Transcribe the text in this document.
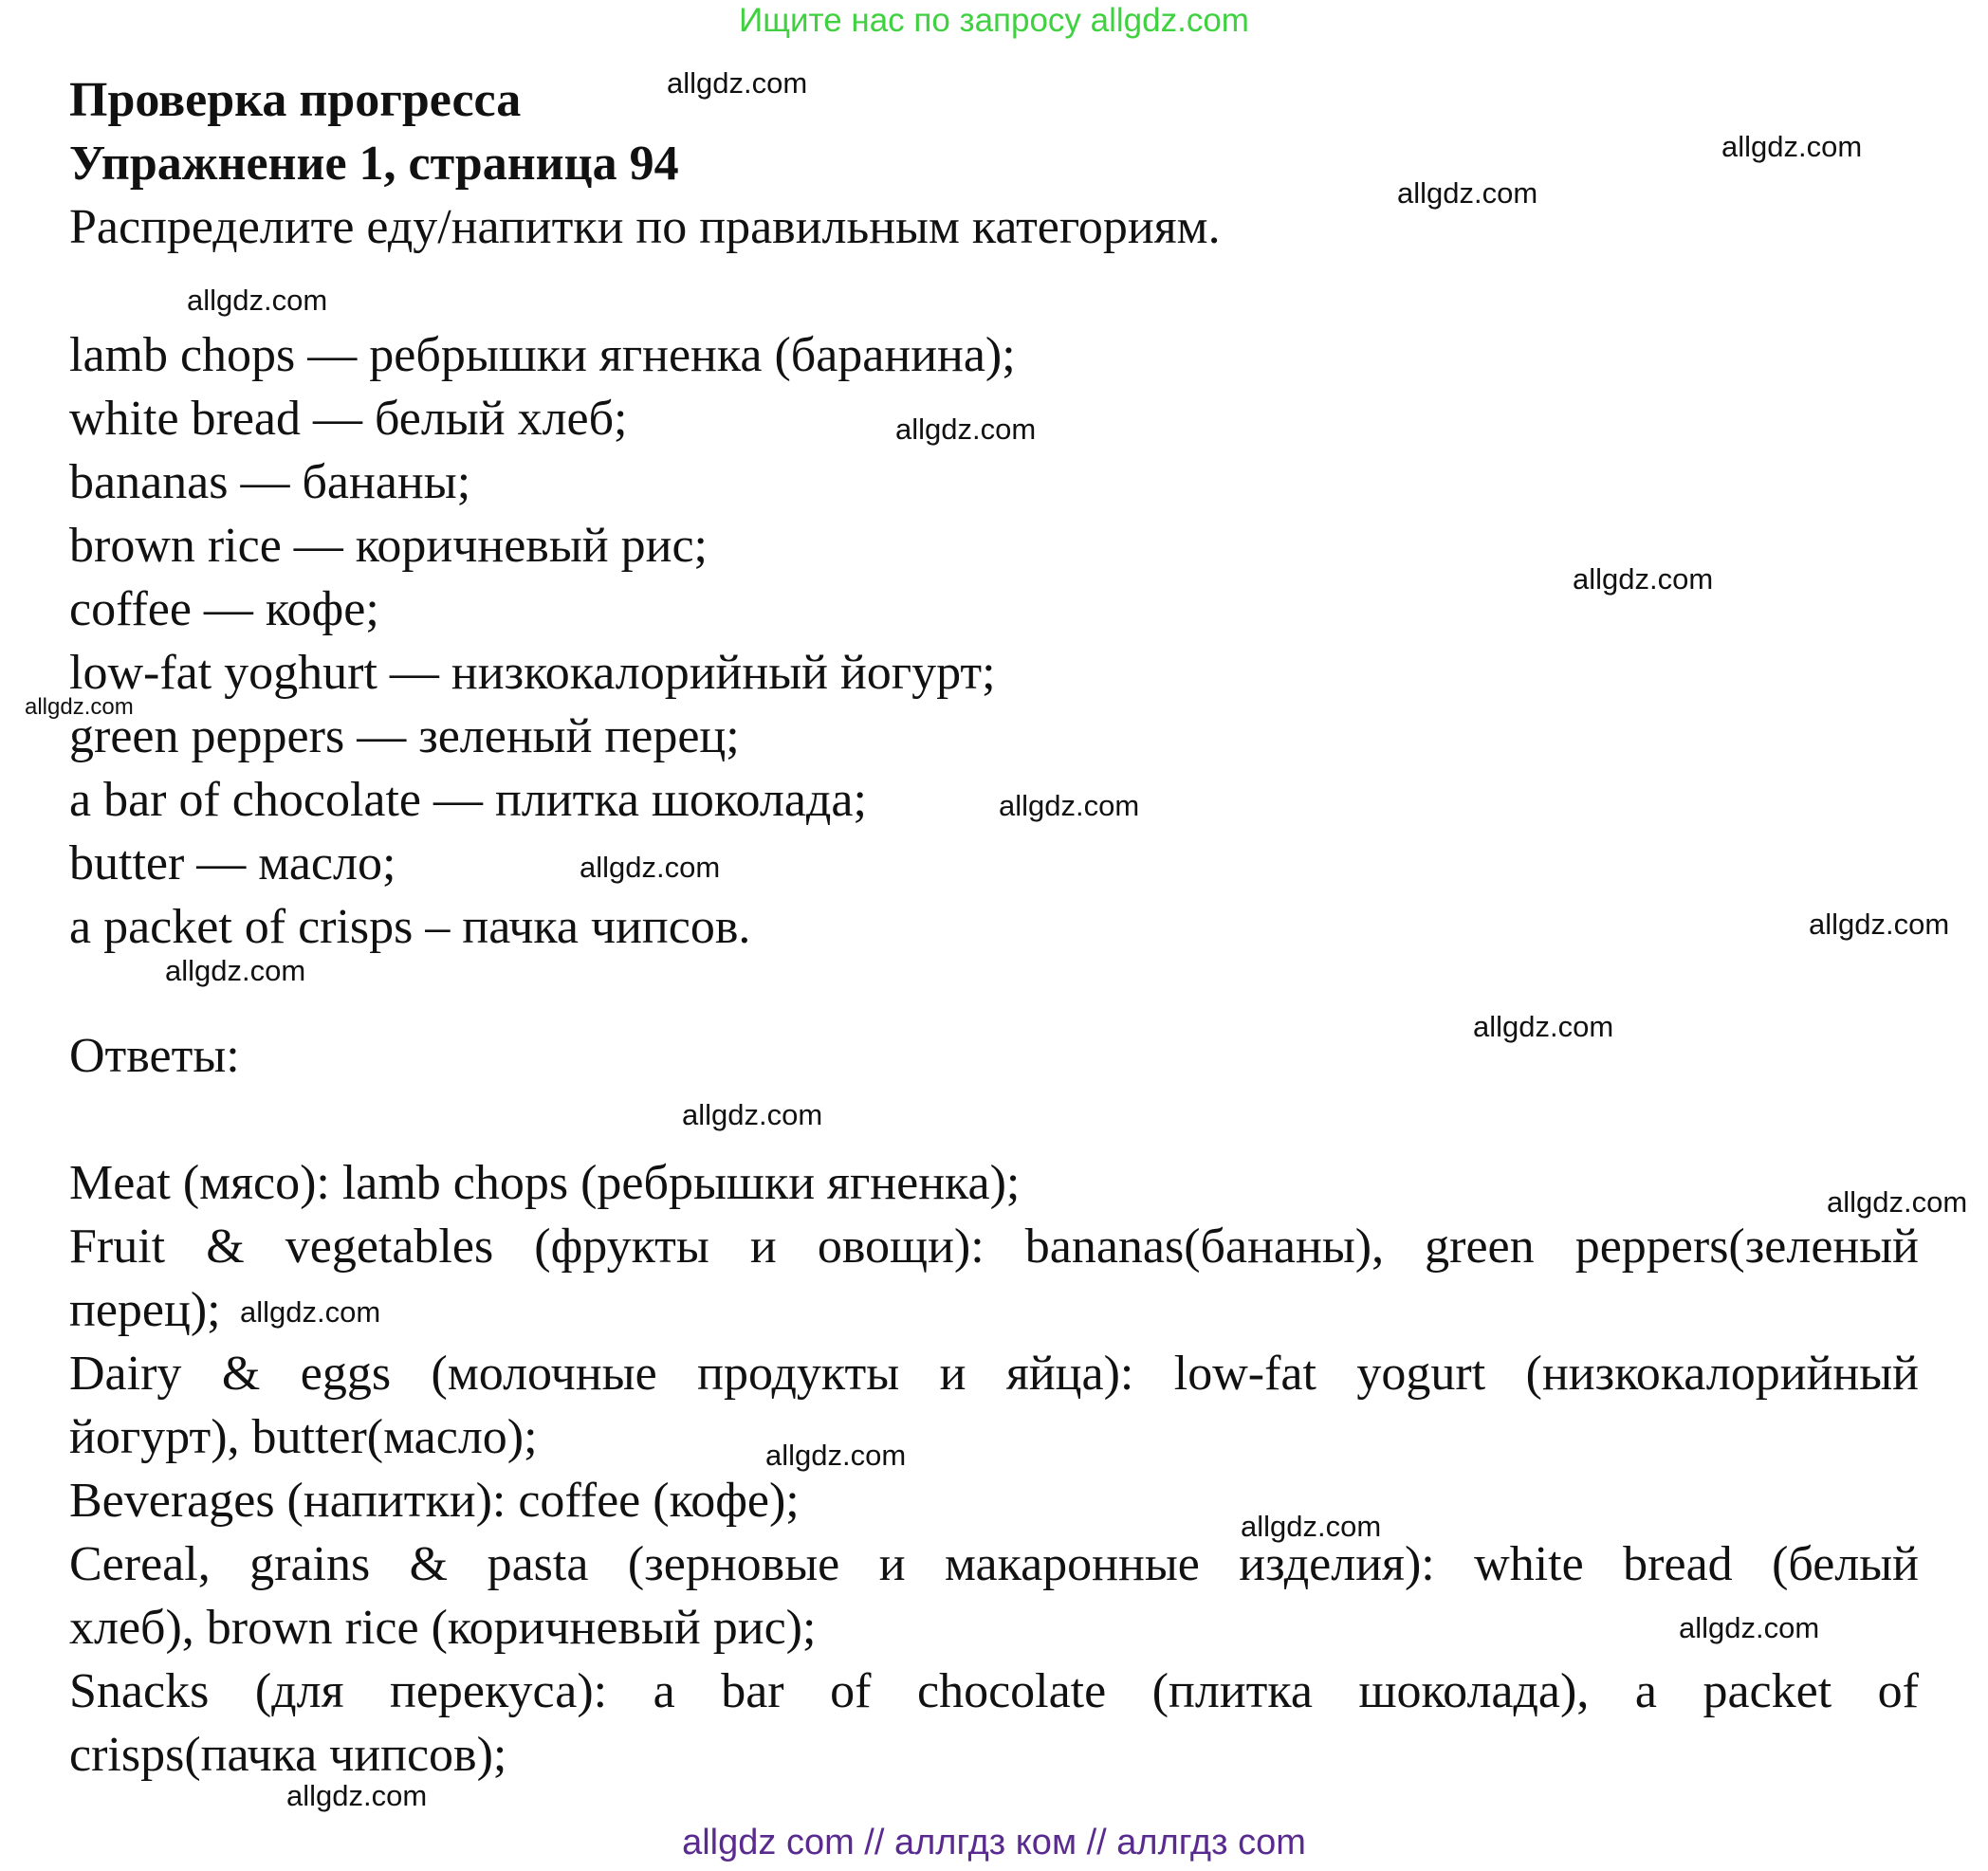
Ищите нас по запросу allgdz.com
Проверка прогресса
Упражнение 1, страница 94
Распределите еду/напитки по правильным категориям.
lamb chops — ребрышки ягненка (баранина);
white bread — белый хлеб;
bananas — бананы;
brown rice — коричневый рис;
coffee — кофе;
low-fat yoghurt — низкокалорийный йогурт;
green peppers — зеленый перец;
a bar of chocolate — плитка шоколада;
butter — масло;
a packet of crisps – пачка чипсов.
Ответы:
Meat (мясо): lamb chops (ребрышки ягненка);
Fruit & vegetables (фрукты и овощи): bananas(бананы), green peppers(зеленый
перец);
Dairy & eggs (молочные продукты и яйца): low-fat yogurt (низкокалорийный
йогурт), butter(масло);
Beverages (напитки): coffee (кофе);
Cereal, grains & pasta (зерновые и макаронные изделия): white bread (белый
хлеб), brown rice (коричневый рис);
Snacks (для перекуса): a bar of chocolate (плитка шоколада), a packet of
crisps(пачка чипсов);
allgdz.com
allgdz.com
allgdz.com
allgdz.com
allgdz.com
allgdz.com
allgdz.com
allgdz.com
allgdz.com
allgdz.com
allgdz.com
allgdz.com
allgdz.com
allgdz.com
allgdz.com
allgdz.com
allgdz.com
allgdz.com
allgdz.com
allgdz com // аллгдз ком // аллгдз com
